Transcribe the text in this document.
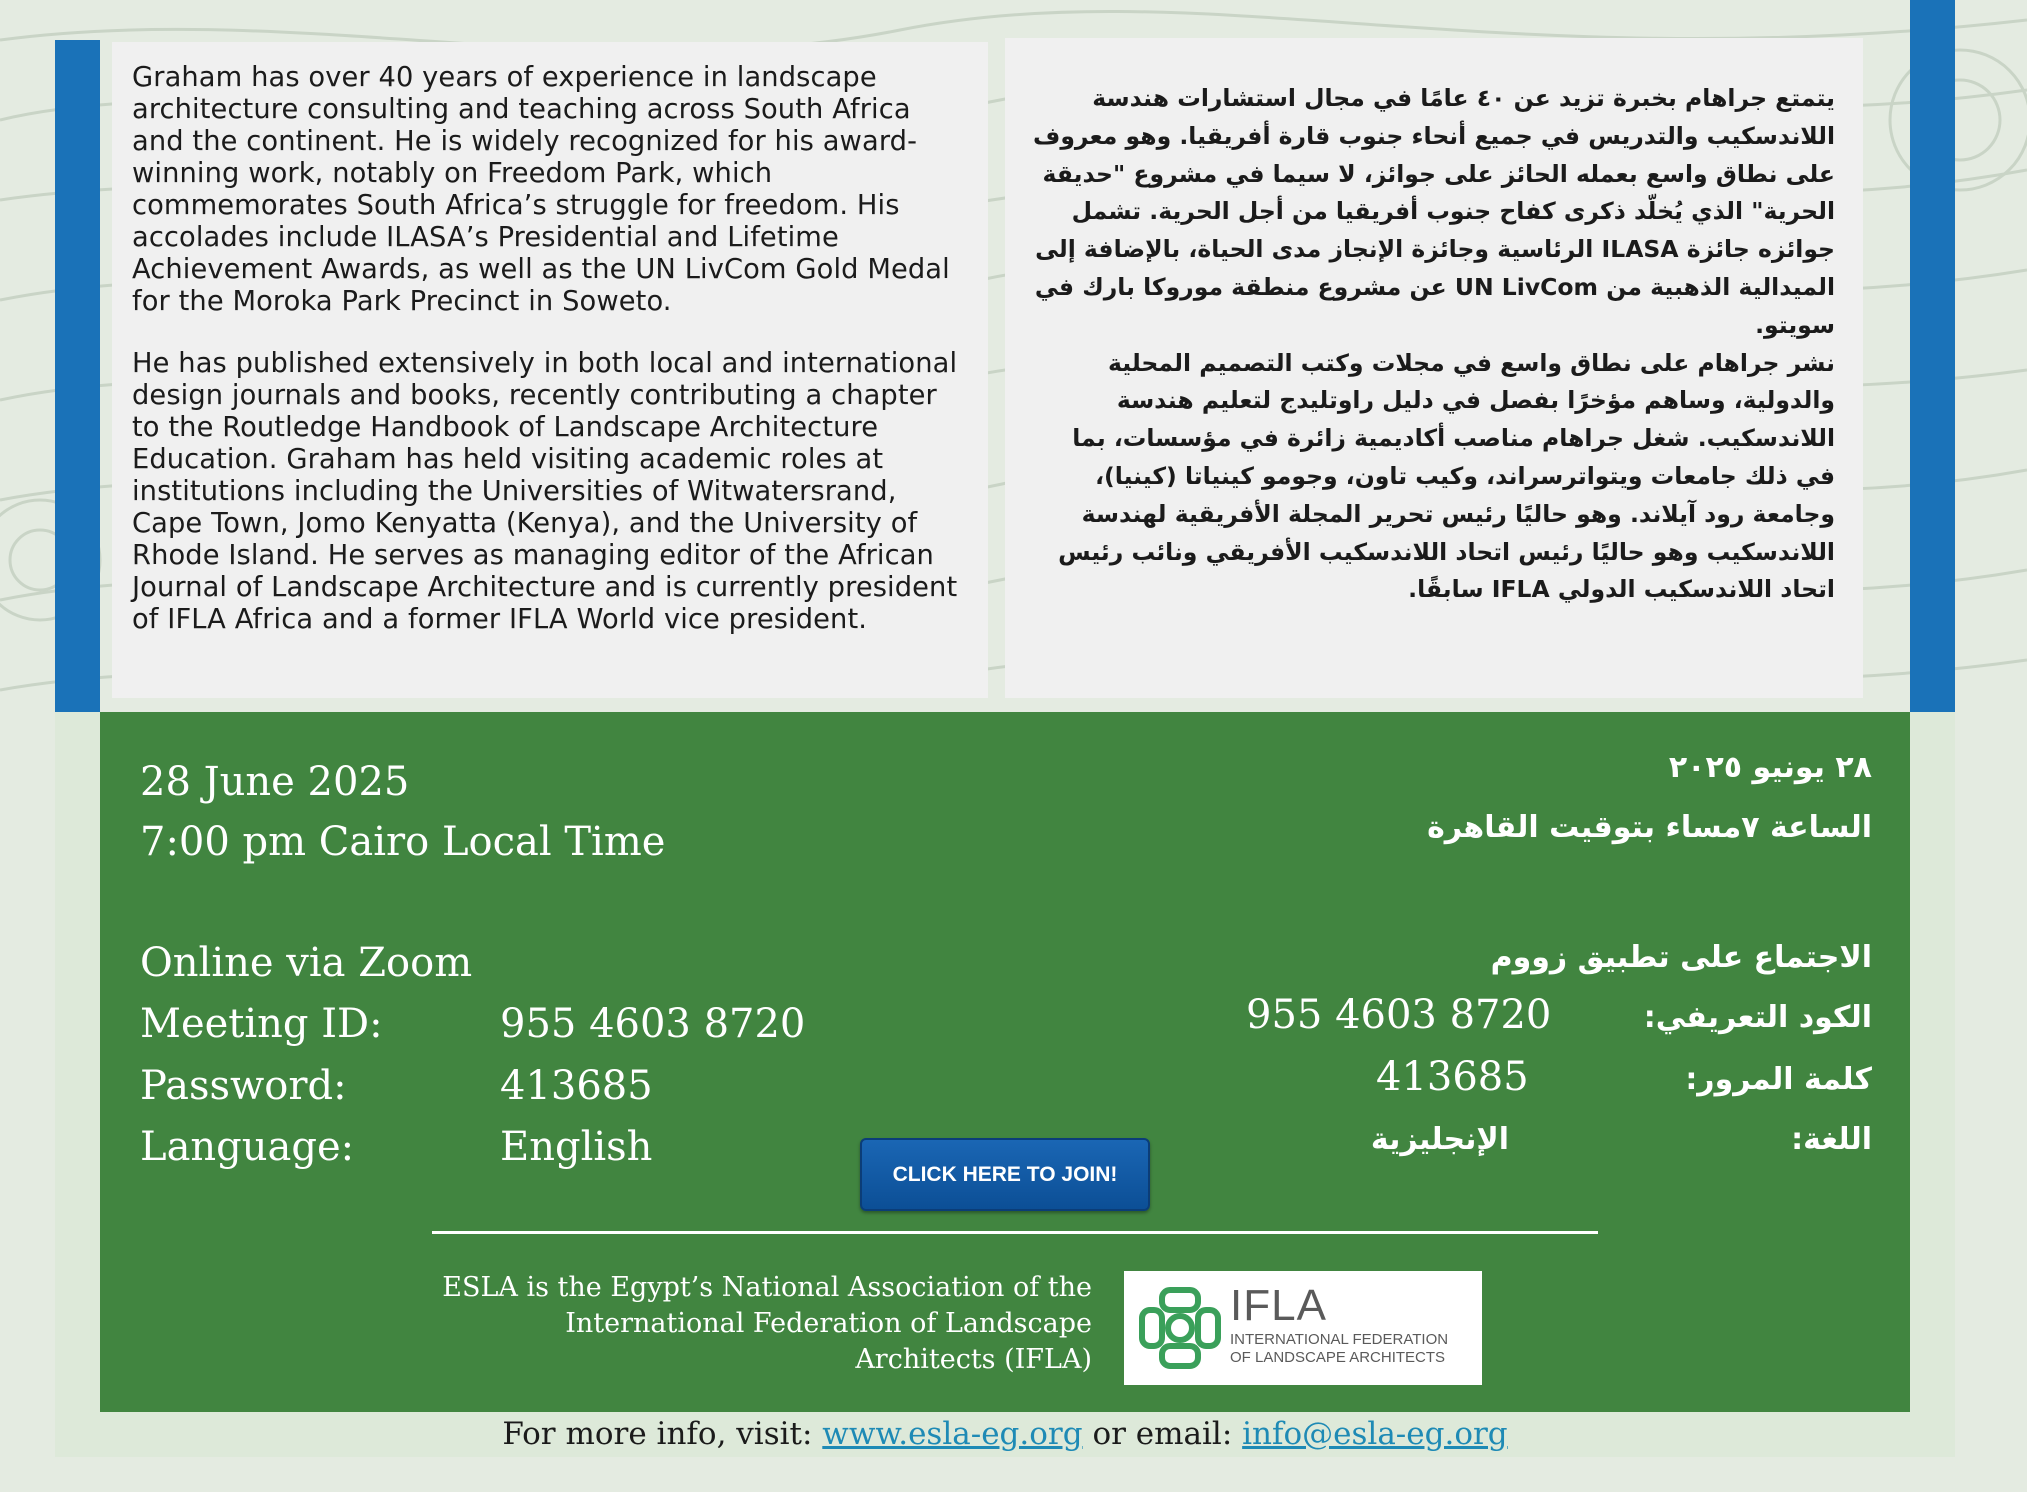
Graham has over 40 years of experience in landscape architecture consulting and teaching across South Africa and the continent. He is widely recognized for his award-winning work, notably on Freedom Park, which commemorates South Africa’s struggle for freedom. His accolades include ILASA’s Presidential and Lifetime Achievement Awards, as well as the UN LivCom Gold Medal for the Moroka Park Precinct in Soweto.

He has published extensively in both local and international design journals and books, recently contributing a chapter to the Routledge Handbook of Landscape Architecture Education. Graham has held visiting academic roles at institutions including the Universities of Witwatersrand, Cape Town, Jomo Kenyatta (Kenya), and the University of Rhode Island. He serves as managing editor of the African Journal of Landscape Architecture and is currently president of IFLA Africa and a former IFLA World vice president.

يتمتع جراهام بخبرة تزيد عن ٤٠ عامًا في مجال استشارات هندسة اللاندسكيب والتدريس في جميع أنحاء جنوب قارة أفريقيا. وهو معروف على نطاق واسع بعمله الحائز على جوائز، لا سيما في مشروع "حديقة الحرية" الذي يُخلّد ذكرى كفاح جنوب أفريقيا من أجل الحرية. تشمل جوائزه جائزة ILASA الرئاسية وجائزة الإنجاز مدى الحياة، بالإضافة إلى الميدالية الذهبية من UN LivCom عن مشروع منطقة موروكا بارك في سويتو.

نشر جراهام على نطاق واسع في مجلات وكتب التصميم المحلية والدولية، وساهم مؤخرًا بفصل في دليل راوتليدج لتعليم هندسة اللاندسكيب. شغل جراهام مناصب أكاديمية زائرة في مؤسسات، بما في ذلك جامعات ويتواترسراند، وكيب تاون، وجومو كينياتا (كينيا)، وجامعة رود آيلاند. وهو حاليًا رئيس تحرير المجلة الأفريقية لهندسة اللاندسكيب وهو حاليًا رئيس اتحاد اللاندسكيب الأفريقي ونائب رئيس اتحاد اللاندسكيب الدولي IFLA سابقًا.

28 June 2025
7:00 pm Cairo Local Time
Online via Zoom
Meeting ID:	955 4603 8720
Password:	413685
Language:	English
٢٨ يونيو ٢٠٢٥
الساعة ٧مساء بتوقيت القاهرة
الاجتماع على تطبيق زووم
الكود التعريفي:
955 4603 8720
كلمة المرور:
413685
اللغة:
الإنجليزية
CLICK HERE TO JOIN!
ESLA is the Egypt’s National Association of the International Federation of Landscape Architects (IFLA)
IFLA
INTERNATIONAL FEDERATION OF LANDSCAPE ARCHITECTS
For more info, visit: www.esla-eg.org or email: info@esla-eg.org
